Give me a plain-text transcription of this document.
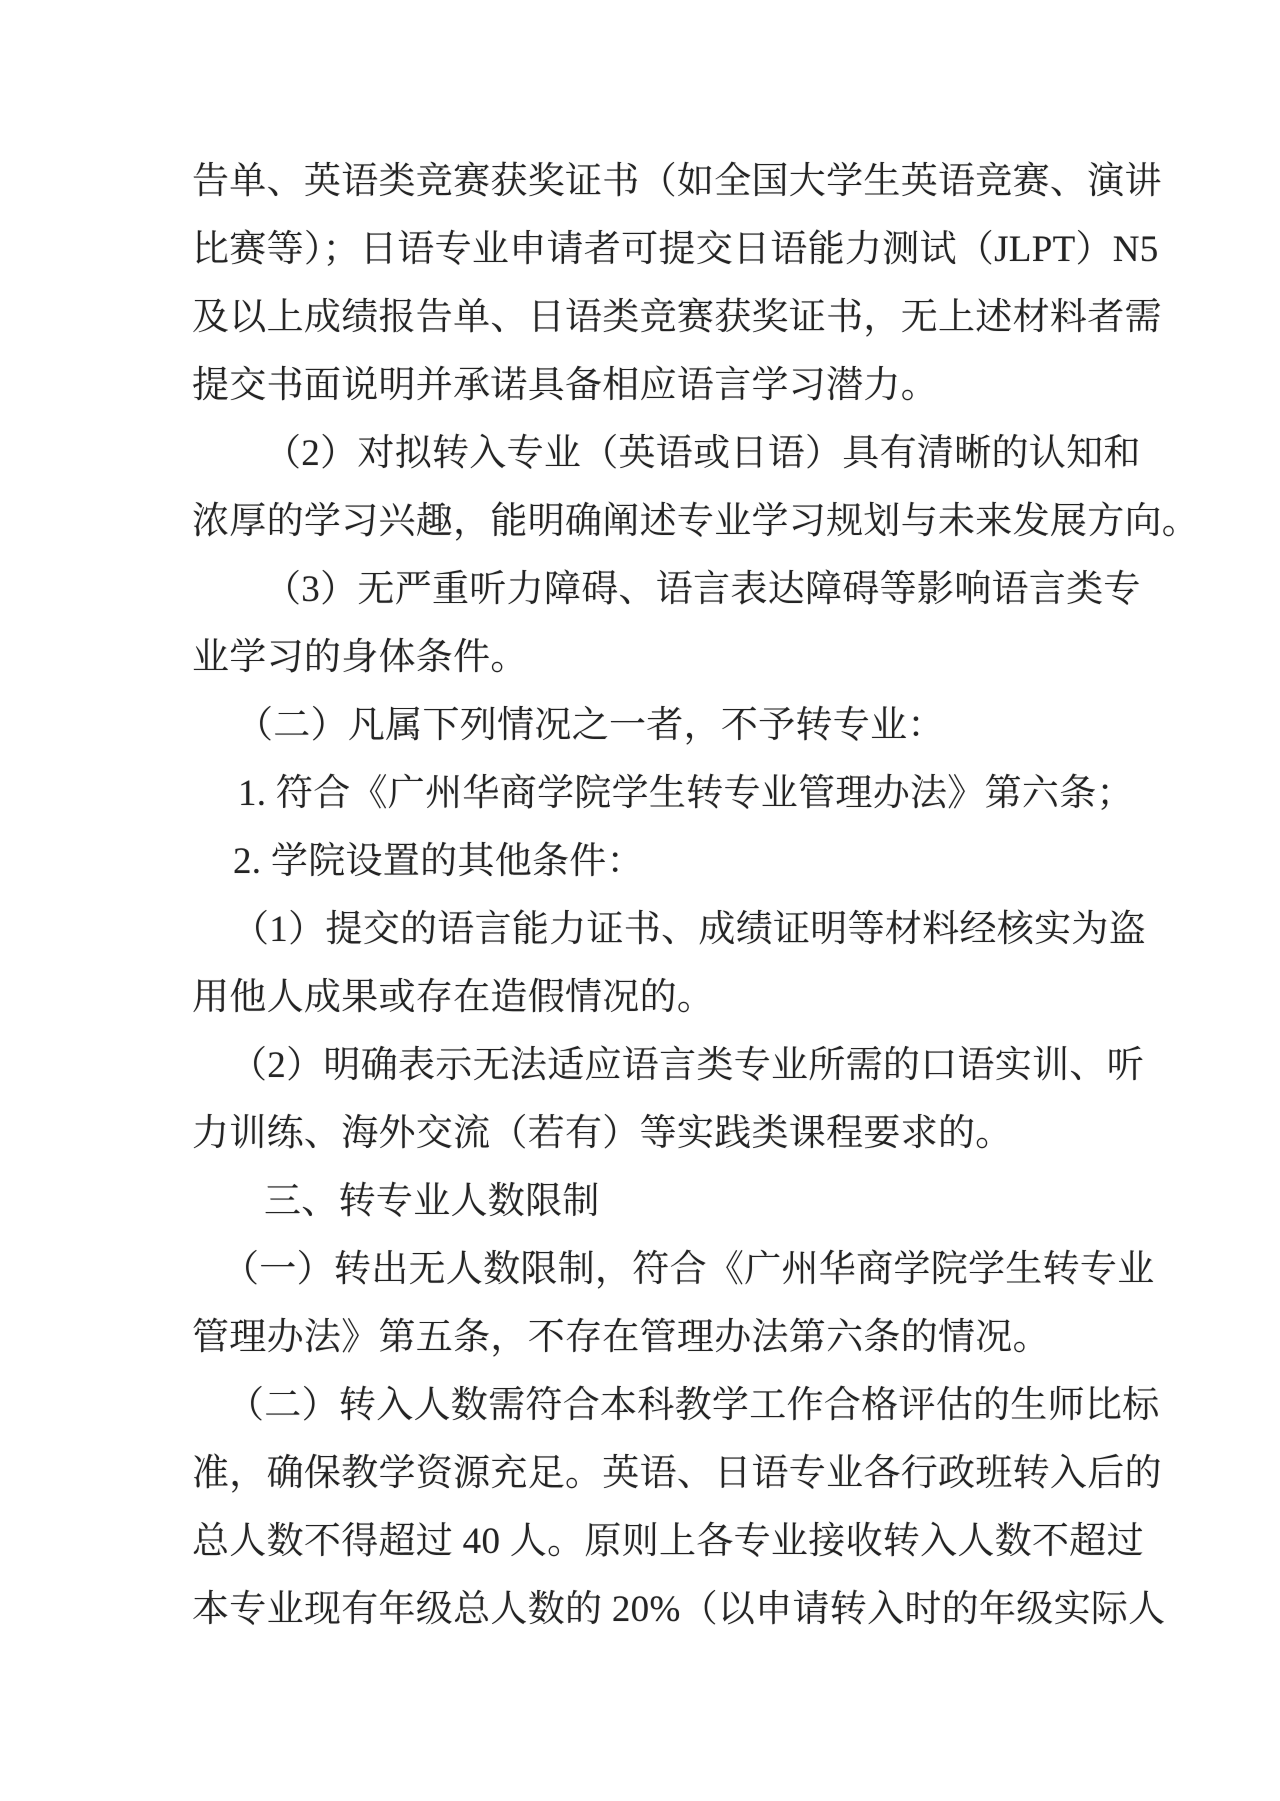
告单、英语类竞赛获奖证书（如全国大学生英语竞赛、演讲
比赛等）；日语专业申请者可提交日语能力测试（JLPT）N5
及以上成绩报告单、日语类竞赛获奖证书，无上述材料者需
提交书面说明并承诺具备相应语言学习潜力。
（2）对拟转入专业（英语或日语）具有清晰的认知和
浓厚的学习兴趣，能明确阐述专业学习规划与未来发展方向。
（3）无严重听力障碍、语言表达障碍等影响语言类专
业学习的身体条件。
（二）凡属下列情况之一者，不予转专业：
1. 符合《广州华商学院学生转专业管理办法》第六条；
2. 学院设置的其他条件：
（1）提交的语言能力证书、成绩证明等材料经核实为盗
用他人成果或存在造假情况的。
（2）明确表示无法适应语言类专业所需的口语实训、听
力训练、海外交流（若有）等实践类课程要求的。
三、转专业人数限制
（一）转出无人数限制，符合《广州华商学院学生转专业
管理办法》第五条，不存在管理办法第六条的情况。
（二）转入人数需符合本科教学工作合格评估的生师比标
准，确保教学资源充足。英语、日语专业各行政班转入后的
总人数不得超过 40 人。原则上各专业接收转入人数不超过
本专业现有年级总人数的 20%（以申请转入时的年级实际人
